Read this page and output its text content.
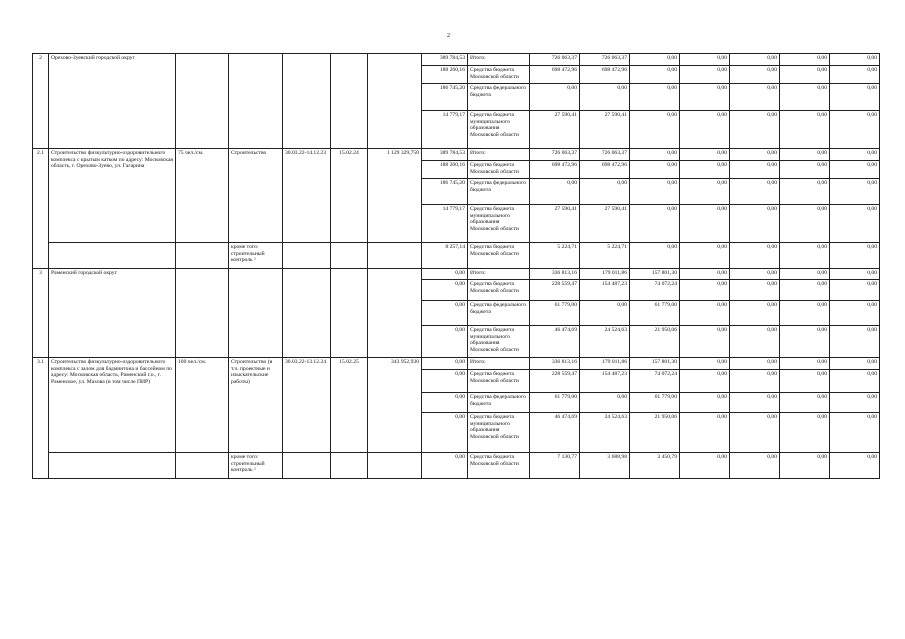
2
2	Орехово-Зуевский городской округ						389 784,53	Итого:	726 063,37	726 063,37	0,00	0,00	0,00	0,00	0,00
							188 260,16	Средства бюджета Московской области	698 472,96	698 472,96	0,00	0,00	0,00	0,00	0,00
							186 745,20	Средства федерального бюджета	0,00	0,00	0,00	0,00	0,00	0,00	0,00
							14 779,17	Средства бюджета муниципального образования Московской области	27 590,41	27 590,41	0,00	0,00	0,00	0,00	0,00
2.1	Строительство физкультурно-оздоровительного комплекса с крытым катком по адресу: Московская область, г. Орехово-Зуево, ул. Гагарина	75 чел./см.	Строительство	30.03.22-14.12.23	15.02.24	1 129 329,750	389 784,53	Итого:	726 063,37	726 063,37	0,00	0,00	0,00	0,00	0,00
							188 260,16	Средства бюджета Московской области	698 472,96	698 472,96	0,00	0,00	0,00	0,00	0,00
							186 745,20	Средства федерального бюджета	0,00	0,00	0,00	0,00	0,00	0,00	0,00
							14 779,17	Средства бюджета муниципального образования Московской области	27 590,41	27 590,41	0,00	0,00	0,00	0,00	0,00
			кроме того: строительный контроль ²				8 257,14	Средства бюджета Московской области	5 224,71	5 224,71	0,00	0,00	0,00	0,00	0,00
3	Раменский городской округ						0,00	Итого:	336 813,16	179 011,86	157 801,30	0,00	0,00	0,00	0,00
							0,00	Средства бюджета Московской области	228 559,47	154 487,23	74 072,24	0,00	0,00	0,00	0,00
							0,00	Средства федерального бюджета	61 779,00	0,00	61 779,00	0,00	0,00	0,00	0,00
							0,00	Средства бюджета муниципального образования Московской области	46 474,69	24 524,63	21 950,06	0,00	0,00	0,00	0,00
3.1	Строительство физкультурно-оздоровительного комплекса с залом для бадминтона и бассейном по адресу: Московская область, Раменский г.о., г. Раменское, ул. Махова (в том числе ПИР)	100 чел./см.	Строительство (в т.ч. проектные и изыскательские работы)	30.03.22-13.12.24	15.02.25	343 952,930	0,00	Итого:	336 813,16	179 011,86	157 801,30	0,00	0,00	0,00	0,00
							0,00	Средства бюджета Московской области	228 559,47	154 487,23	74 072,24	0,00	0,00	0,00	0,00
							0,00	Средства федерального бюджета	61 779,00	0,00	61 779,00	0,00	0,00	0,00	0,00
							0,00	Средства бюджета муниципального образования Московской области	46 474,69	24 524,63	21 950,06	0,00	0,00	0,00	0,00
			кроме того: строительный контроль ²				0,00	Средства бюджета Московской области	7 130,77	3 688,98	3 450,79	0,00	0,00	0,00	0,00
